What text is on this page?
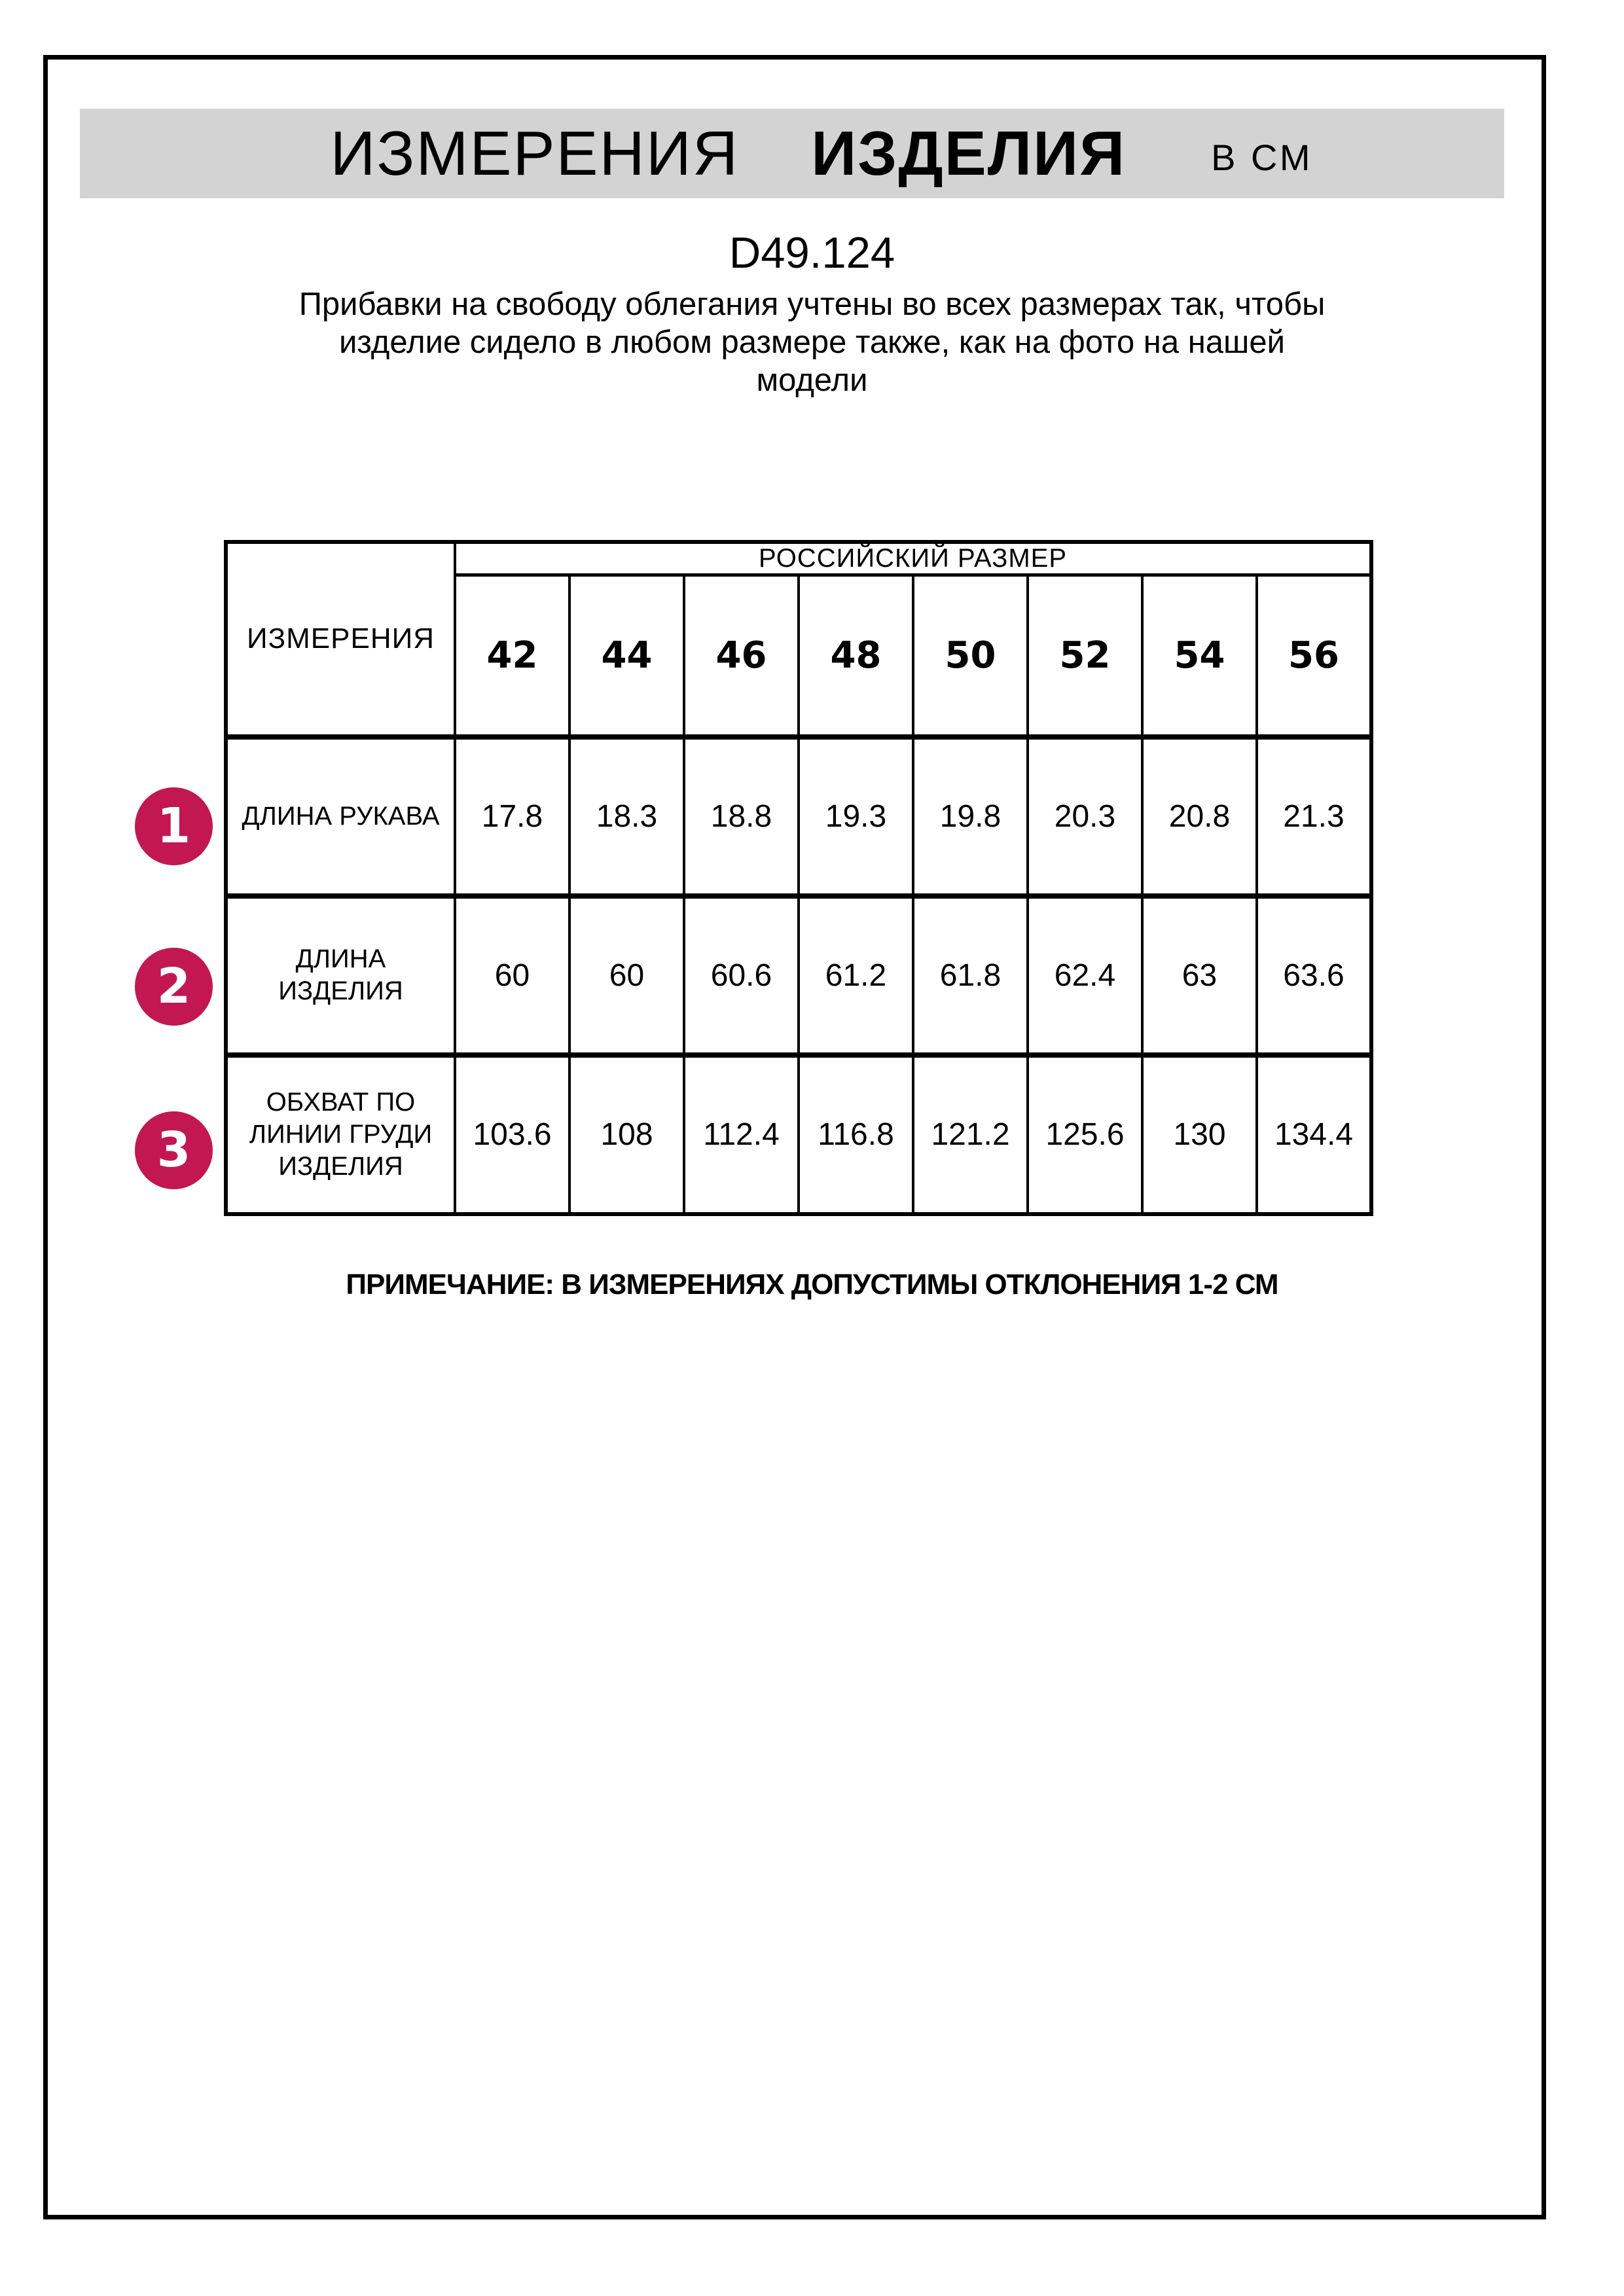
ИЗМЕРЕНИЯ ИЗДЕЛИЯ В СМ
D49.124
Прибавки на свободу облегания учтены во всех размерах так, чтобы
изделие сидело в любом размере также, как на фото на нашей
модели
ИЗМЕРЕНИЯ	РОССИЙСКИЙ РАЗМЕР							
	42	44	46	48	50	52	54	56

ДЛИНА РУКАВА	17.8	18.3	18.8	19.3	19.8	20.3	20.8	21.3

ДЛИНА
ИЗДЕЛИЯ	60	60	60.6	61.2	61.8	62.4	63	63.6

ОБХВАТ ПО
ЛИНИИ ГРУДИ
ИЗДЕЛИЯ	103.6	108	112.4	116.8	121.2	125.6	130	134.4
1
2
3
ПРИМЕЧАНИЕ: В ИЗМЕРЕНИЯХ ДОПУСТИМЫ ОТКЛОНЕНИЯ 1-2 СМ
